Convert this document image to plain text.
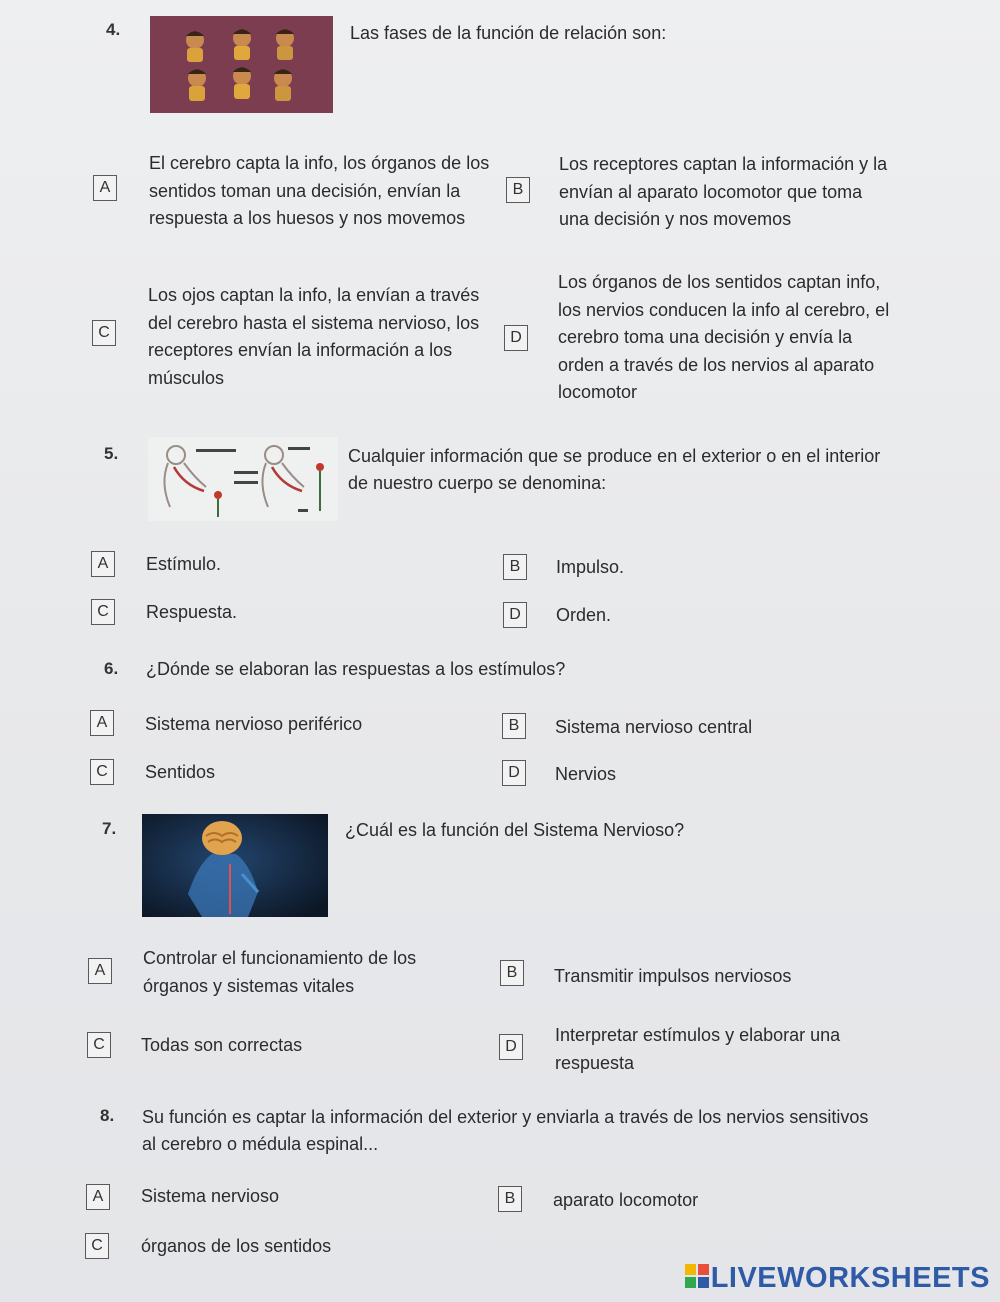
4.	Las fases de la función de relación son:
A
El cerebro capta la info, los órganos de los
sentidos toman una decisión, envían la
respuesta a los huesos y nos movemos
B
Los receptores captan la información y la
envían al aparato locomotor que toma
una decisión y nos movemos
C
Los ojos captan la info, la envían a través
del cerebro hasta el sistema nervioso, los
receptores envían la información a los
músculos
D
Los órganos de los sentidos captan info,
los nervios conducen la info al cerebro, el
cerebro toma una decisión y envía la
orden a través de los nervios al aparato
locomotor
5.	Cualquier información que se produce en el exterior o en el interior
de nuestro cuerpo se denomina:
A	Estímulo.	B	Impulso.
C	Respuesta.	D	Orden.
6. ¿Dónde se elaboran las respuestas a los estímulos?
A	Sistema nervioso periférico	B	Sistema nervioso central
C	Sentidos	D	Nervios
7.	¿Cuál es la función del Sistema Nervioso?
A
Controlar el funcionamiento de los
órganos y sistemas vitales
B	Transmitir impulsos nerviosos
C	Todas son correctas	D
Interpretar estímulos y elaborar una
respuesta
8. Su función es captar la información del exterior y enviarla a través de los nervios sensitivos
al cerebro o médula espinal...
A	Sistema nervioso	B	aparato locomotor
C	órganos de los sentidos
LIVEWORKSHEETS
